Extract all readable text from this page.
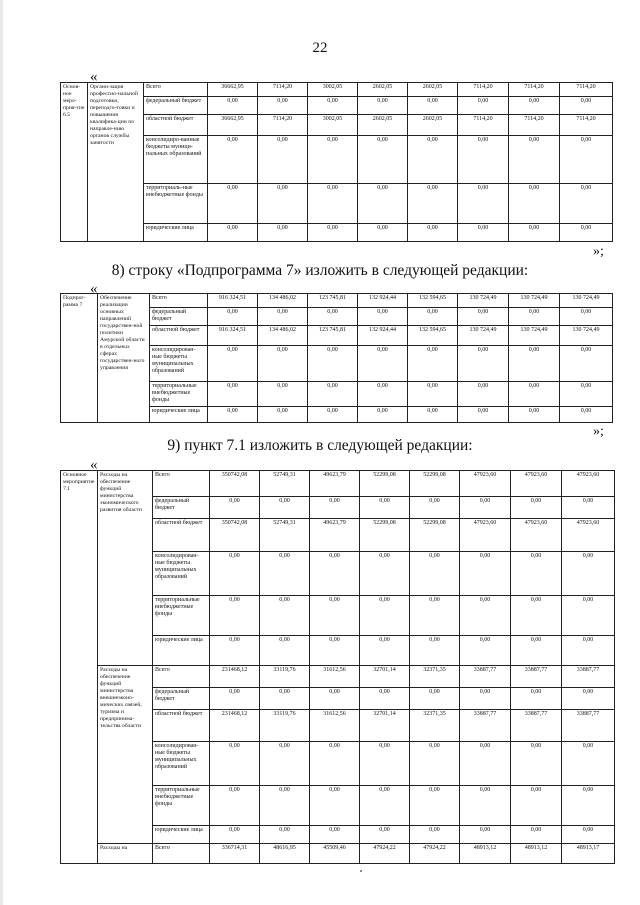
22
«
Основ-ное меро-прия-тие 6.5	Органи-зация профессио-нальной подготовки, переподго-товки и повышения квалифика-ции по направле-нию органов службы занятости	Всего	36662,95	7114,20	3002,05	2602,05	2602,05	7114,20	7114,20	7114,20
		федеральный бюджет	0,00	0,00	0,00	0,00	0,00	0,00	0,00	0,00
		областной бюджет	36662,95	7114,20	3002,05	2602,05	2602,05	7114,20	7114,20	7114,20
		консолидиро-ванные бюджеты муници-пальных образований	0,00	0,00	0,00	0,00	0,00	0,00	0,00	0,00
		территориаль-ные внебюджетные фонды	0,00	0,00	0,00	0,00	0,00	0,00	0,00	0,00
		юридические лица	0,00	0,00	0,00	0,00	0,00	0,00	0,00	0,00
»;
8) строку «Подпрограмма 7» изложить в следующей редакции:
«
Подпрог-рамма 7	Обеспечение реализации основных направлений государствен-ной политики Амурской области в отдельных сферах государствен-ного управления	Всего	916 324,51	134 486,02	123 745,81	132 924,44	132 594,65	130 724,49	130 724,49	130 724,49
		федеральный бюджет	0,00	0,00	0,00	0,00	0,00	0,00	0,00	0,00
		областной бюджет	916 324,51	134 486,02	123 745,81	132 924,44	132 594,65	130 724,49	130 724,49	130 724,49
		консолидирован-ные бюджеты муниципальных образований	0,00	0,00	0,00	0,00	0,00	0,00	0,00	0,00
		территориальные внебюджетные фонды	0,00	0,00	0,00	0,00	0,00	0,00	0,00	0,00
		юридические лица	0,00	0,00	0,00	0,00	0,00	0,00	0,00	0,00
»;
9) пункт 7.1 изложить в следующей редакции:
«
Основное мероприятие 7.1	Расходы на обеспечение функций министерства экономического развития области	Всего	350742,08	52749,31	49623,79	52299,08	52299,08	47923,60	47923,60	47923,60
		федеральный бюджет	0,00	0,00	0,00	0,00	0,00	0,00	0,00	0,00
		областной бюджет	350742,08	52749,31	49623,79	52299,08	52299,08	47923,60	47923,60	47923,60
		консолидирован-ные бюджеты муниципальных образований	0,00	0,00	0,00	0,00	0,00	0,00	0,00	0,00
		территориальные внебюджетные фонды	0,00	0,00	0,00	0,00	0,00	0,00	0,00	0,00
		юридические лица	0,00	0,00	0,00	0,00	0,00	0,00	0,00	0,00
	Расходы на обеспечение функций министерства внешнеэконо-мических связей, туризма и предпринима-тельства области	Всего	231468,12	33119,76	31612,56	32701,14	32371,35	33887,77	33887,77	33887,77
		федеральный бюджет	0,00	0,00	0,00	0,00	0,00	0,00	0,00	0,00
		областной бюджет	231468,12	33119,76	31612,56	32701,14	32371,35	33887,77	33887,77	33887,77
		консолидирован-ные бюджеты муниципальных образований	0,00	0,00	0,00	0,00	0,00	0,00	0,00	0,00
		территориальные внебюджетные фонды	0,00	0,00	0,00	0,00	0,00	0,00	0,00	0,00
		юридические лица	0,00	0,00	0,00	0,00	0,00	0,00	0,00	0,00
	Расходы на	Всего	336714,31	48616,95	45509,46	47924,22	47924,22	48913,12	48913,12	48913,17
